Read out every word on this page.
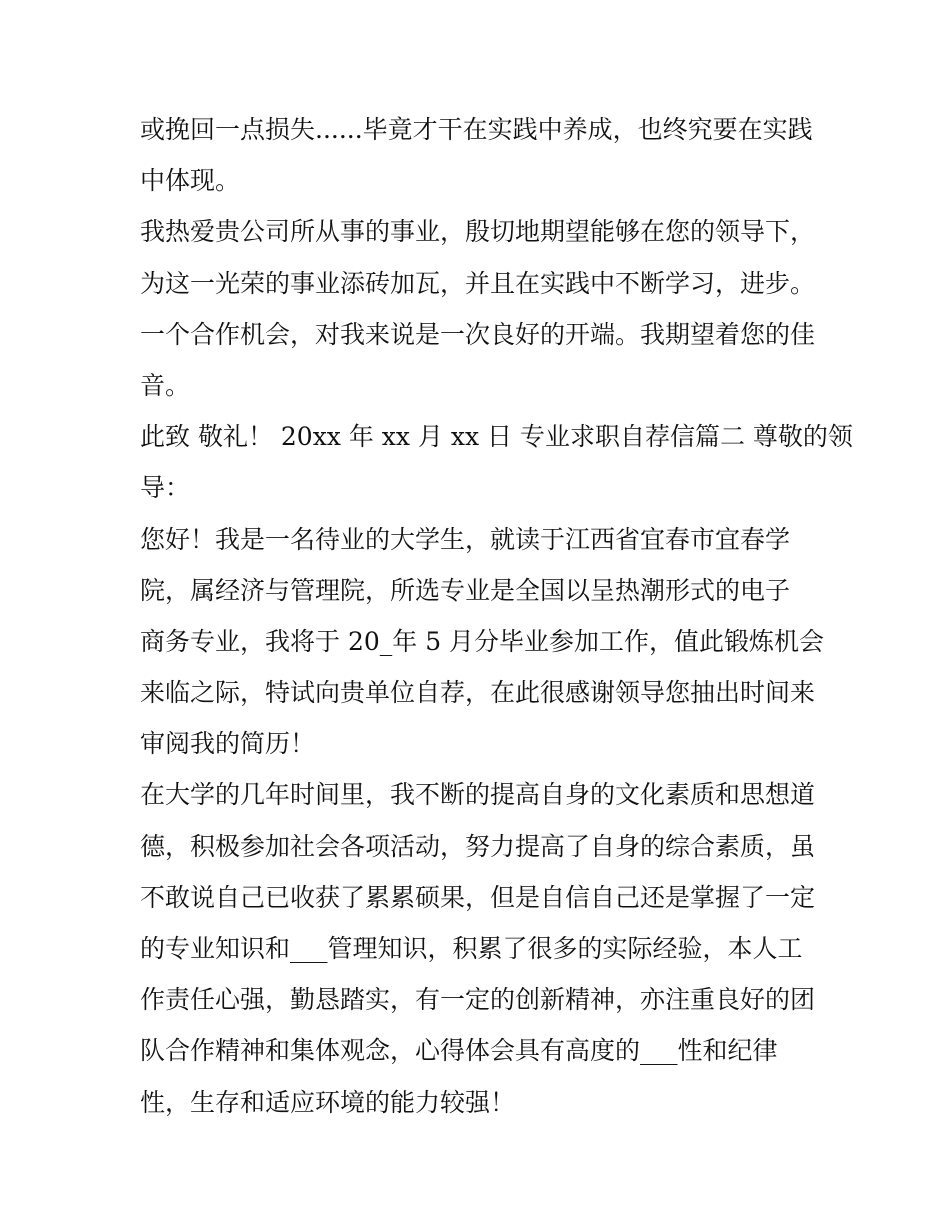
或挽回一点损失......毕竟才干在实践中养成，也终究要在实践
中体现。
我热爱贵公司所从事的事业，殷切地期望能够在您的领导下，
为这一光荣的事业添砖加瓦，并且在实践中不断学习，进步。
一个合作机会，对我来说是一次良好的开端。我期望着您的佳
音。
此致 敬礼！ 20xx 年 xx 月 xx 日 专业求职自荐信篇二 尊敬的领
导：
您好！我是一名待业的大学生，就读于江西省宜春市宜春学
院，属经济与管理院，所选专业是全国以呈热潮形式的电子
商务专业，我将于 20_年 5 月分毕业参加工作，值此锻炼机会
来临之际，特试向贵单位自荐，在此很感谢领导您抽出时间来
审阅我的简历！
在大学的几年时间里，我不断的提高自身的文化素质和思想道
德，积极参加社会各项活动，努力提高了自身的综合素质，虽
不敢说自己已收获了累累硕果，但是自信自己还是掌握了一定
的专业知识和___管理知识，积累了很多的实际经验，本人工
作责任心强，勤恳踏实，有一定的创新精神，亦注重良好的团
队合作精神和集体观念，心得体会具有高度的___性和纪律
性，生存和适应环境的能力较强！
